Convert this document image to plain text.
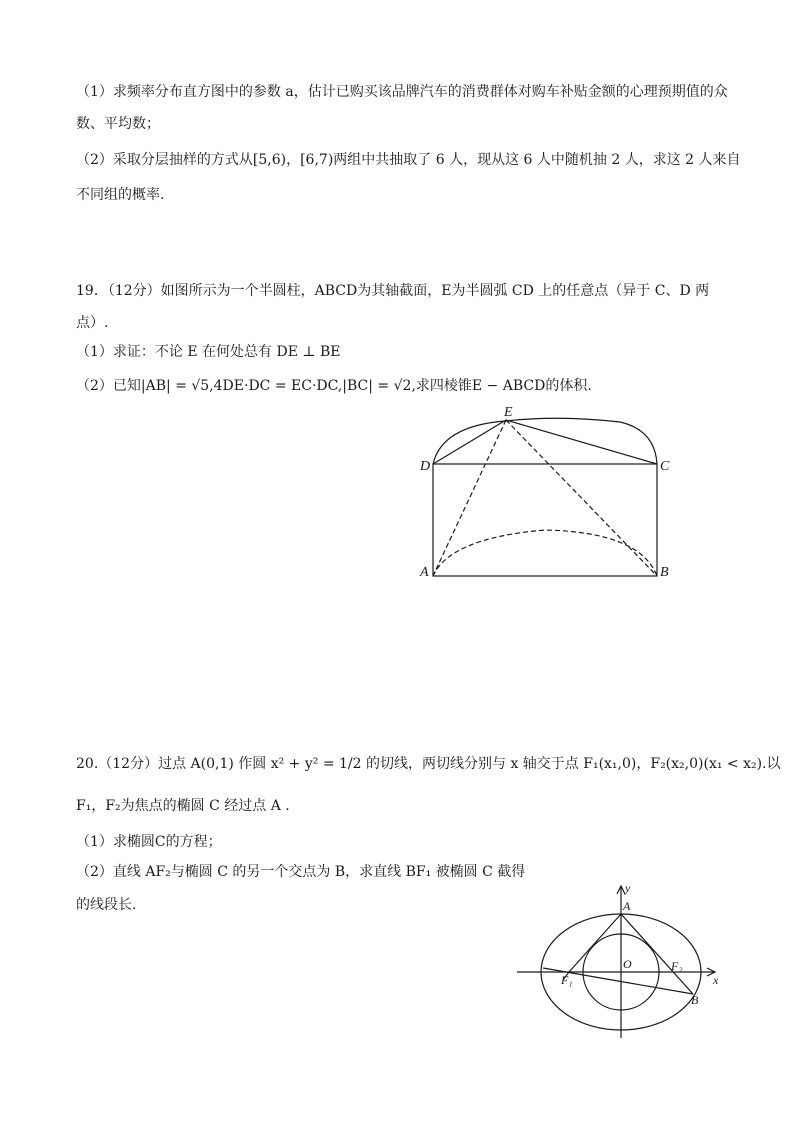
（1）求频率分布直方图中的参数 a，估计已购买该品牌汽车的消费群体对购车补贴金额的心理预期值的众
数、平均数；
（2）采取分层抽样的方式从[5,6)，[6,7)两组中共抽取了 6 人，现从这 6 人中随机抽 2 人，求这 2 人来自
不同组的概率.
19．（12分）如图所示为一个半圆柱，ABCD为其轴截面，E为半圆弧 CD 上的任意点（异于 C、D 两
点）.
（1）求证：不论 E 在何处总有 DE ⊥ BE
（2）已知|AB| = √5,4DE·DC = EC·DC,|BC| = √2,求四棱锥E − ABCD的体积.
E
D	C
A	B
20.（12分）过点 A(0,1) 作圆 x² + y² = 1/2 的切线，两切线分别与 x 轴交于点 F₁(x₁,0)，F₂(x₂,0)(x₁ < x₂).以
F₁，F₂为焦点的椭圆 C 经过点 A .
（1）求椭圆C的方程；
（2）直线 AF₂与椭圆 C 的另一个交点为 B，求直线 BF₁ 被椭圆 C 截得
的线段长.
y
x
A
O
F₁
F₂
B
